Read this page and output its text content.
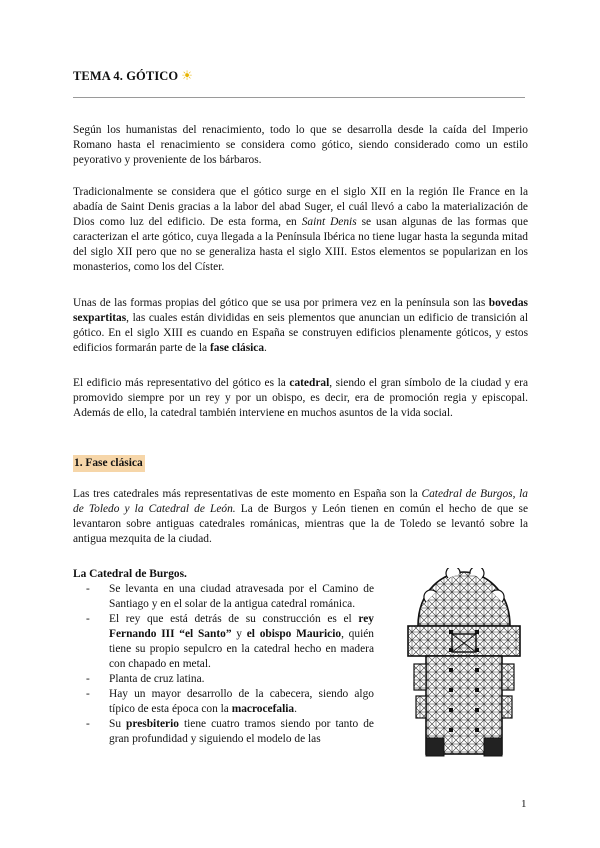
TEMA 4. GÓTICO ☀

Según los humanistas del renacimiento, todo lo que se desarrolla desde la caída del Imperio Romano hasta el renacimiento se considera como gótico, siendo considerado como un estilo peyorativo y proveniente de los bárbaros.

Tradicionalmente se considera que el gótico surge en el siglo XII en la región Ile France en la abadía de Saint Denis gracias a la labor del abad Suger, el cuál llevó a cabo la materialización de Dios como luz del edificio. De esta forma, en Saint Denis se usan algunas de las formas que caracterizan el arte gótico, cuya llegada a la Península Ibérica no tiene lugar hasta la segunda mitad del siglo XII pero que no se generaliza hasta el siglo XIII. Estos elementos se popularizan en los monasterios, como los del Císter.

Unas de las formas propias del gótico que se usa por primera vez en la península son las bovedas sexpartitas, las cuales están divididas en seis plementos que anuncian un edificio de transición al gótico. En el siglo XIII es cuando en España se construyen edificios plenamente góticos, y estos edificios formarán parte de la fase clásica.

El edificio más representativo del gótico es la catedral, siendo el gran símbolo de la ciudad y era promovido siempre por un rey y por un obispo, es decir, era de promoción regia y episcopal. Además de ello, la catedral también interviene en muchos asuntos de la vida social.

1. Fase clásica

Las tres catedrales más representativas de este momento en España son la Catedral de Burgos, la de Toledo y la Catedral de León. La de Burgos y León tienen en común el hecho de que se levantaron sobre antiguas catedrales románicas, mientras que la de Toledo se levantó sobre la antigua mezquita de la ciudad.

La Catedral de Burgos.
- Se levanta en una ciudad atravesada por el Camino de Santiago y en el solar de la antigua catedral románica.
- El rey que está detrás de su construcción es el rey Fernando III “el Santo” y el obispo Mauricio, quién tiene su propio sepulcro en la catedral hecho en madera con chapado en metal.
- Planta de cruz latina.
- Hay un mayor desarrollo de la cabecera, siendo algo típico de esta época con la macrocefalia.
- Su presbiterio tiene cuatro tramos siendo por tanto de gran profundidad y siguiendo el modelo de las
1
